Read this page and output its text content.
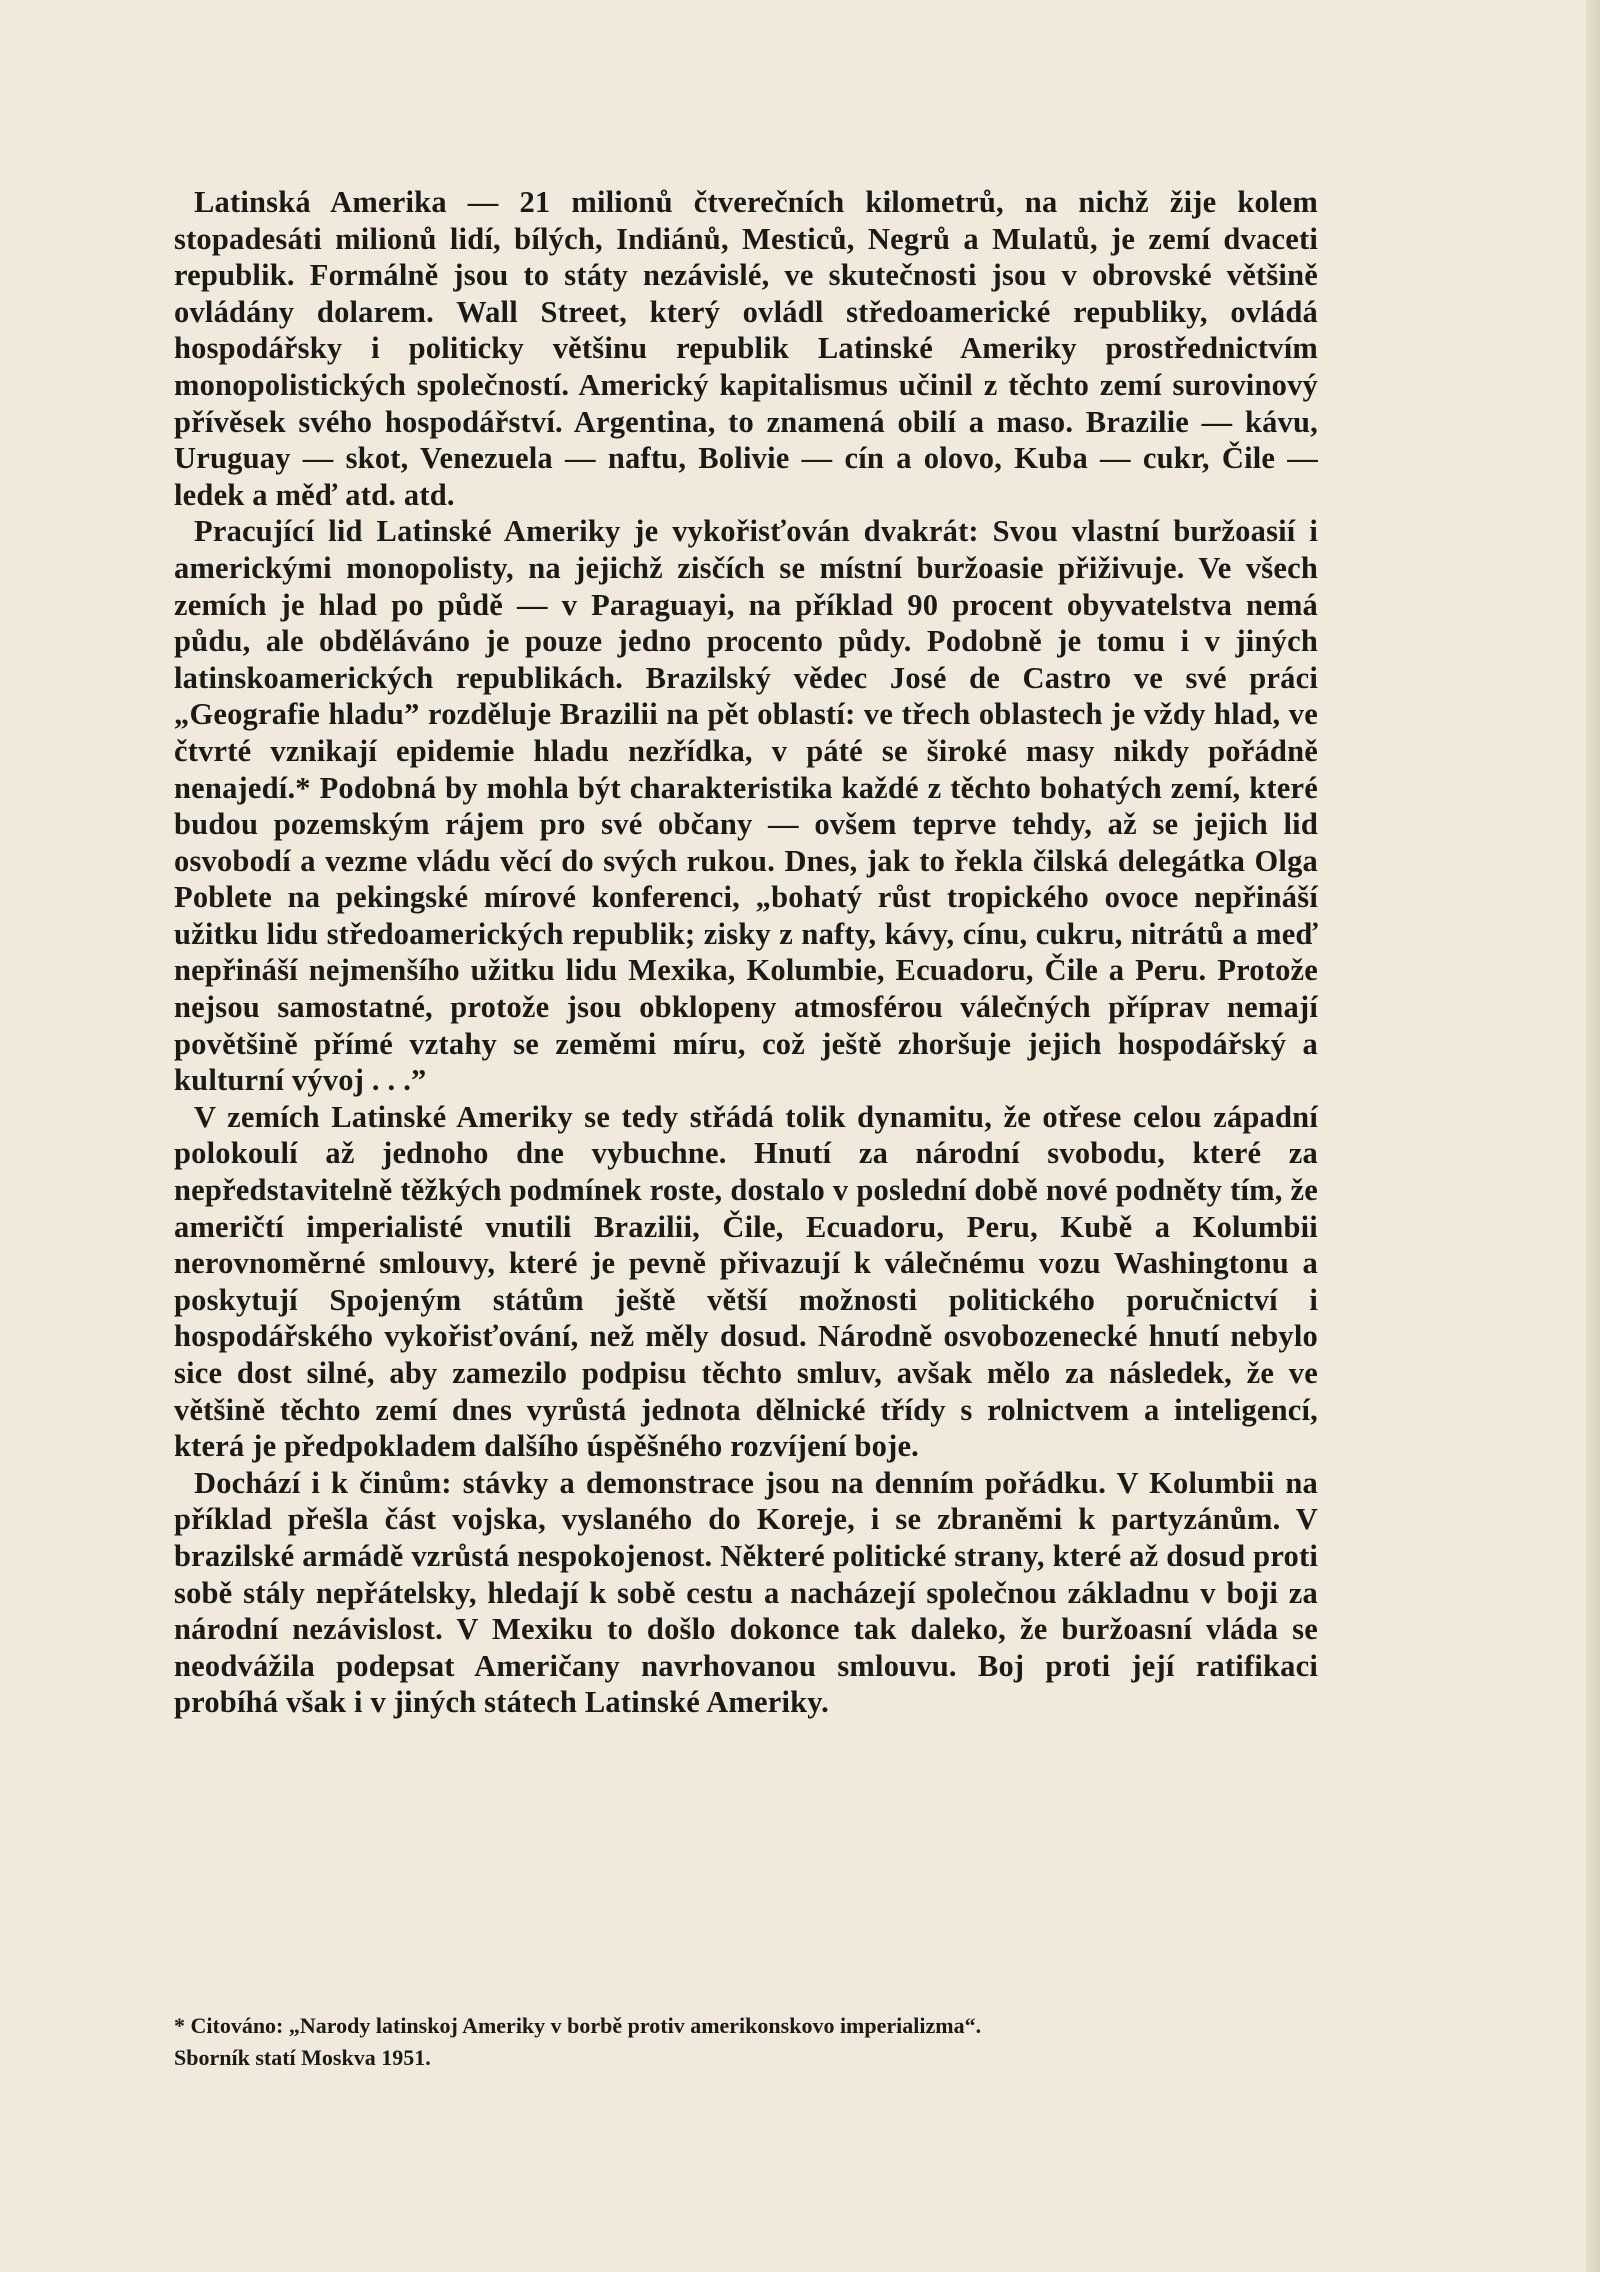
Latinská Amerika — 21 milionů čtverečních kilometrů, na nichž žije kolem stopadesáti milionů lidí, bílých, Indiánů, Mesticů, Negrů a Mulatů, je zemí dvaceti republik. Formálně jsou to státy nezávislé, ve skutečnosti jsou v obrovské většině ovládány dolarem. Wall Street, který ovládl středoamerické republiky, ovládá hospodářsky i politicky většinu republik Latinské Ameriky prostřednictvím monopolistických společností. Americký kapitalismus učinil z těchto zemí surovinový přívěsek svého hospodářství. Argentina, to znamená obilí a maso. Brazilie — kávu, Uruguay — skot, Venezuela — naftu, Bolivie — cín a olovo, Kuba — cukr, Čile — ledek a měď atd. atd.

Pracující lid Latinské Ameriky je vykořisťován dvakrát: Svou vlastní buržoasií i americkými monopolisty, na jejichž zisčích se místní buržoasie přiživuje. Ve všech zemích je hlad po půdě — v Paraguayi, na příklad 90 procent obyvatelstva nemá půdu, ale obděláváno je pouze jedno procento půdy. Podobně je tomu i v jiných latinskoamerických republikách. Brazilský vědec José de Castro ve své práci „Geografie hladu” rozděluje Brazilii na pět oblastí: ve třech oblastech je vždy hlad, ve čtvrté vznikají epidemie hladu nezřídka, v páté se široké masy nikdy pořádně nenajedí.* Podobná by mohla být charakteristika každé z těchto bohatých zemí, které budou pozemským rájem pro své občany — ovšem teprve tehdy, až se jejich lid osvobodí a vezme vládu věcí do svých rukou. Dnes, jak to řekla čilská delegátka Olga Poblete na pekingské mírové konferenci, „bohatý růst tropického ovoce nepřináší užitku lidu středoamerických republik; zisky z nafty, kávy, cínu, cukru, nitrátů a meď nepřináší nejmenšího užitku lidu Mexika, Kolumbie, Ecuadoru, Čile a Peru. Protože nejsou samostatné, protože jsou obklopeny atmosférou válečných příprav nemají povětšině přímé vztahy se zeměmi míru, což ještě zhoršuje jejich hospodářský a kulturní vývoj . . .”

V zemích Latinské Ameriky se tedy střádá tolik dynamitu, že otřese celou západní polokoulí až jednoho dne vybuchne. Hnutí za národní svobodu, které za nepředstavitelně těžkých podmínek roste, dostalo v poslední době nové podněty tím, že američtí imperialisté vnutili Brazilii, Čile, Ecuadoru, Peru, Kubě a Kolumbii nerovnoměrné smlouvy, které je pevně přivazují k válečnému vozu Washingtonu a poskytují Spojeným státům ještě větší možnosti politického poručnictví i hospodářského vykořisťování, než měly dosud. Národně osvobozenecké hnutí nebylo sice dost silné, aby zamezilo podpisu těchto smluv, avšak mělo za následek, že ve většině těchto zemí dnes vyrůstá jednota dělnické třídy s rolnictvem a inteligencí, která je předpokladem dalšího úspěšného rozvíjení boje.

Dochází i k činům: stávky a demonstrace jsou na denním pořádku. V Kolumbii na příklad přešla část vojska, vyslaného do Koreje, i se zbraněmi k partyzánům. V brazilské armádě vzrůstá nespokojenost. Některé politické strany, které až dosud proti sobě stály nepřátelsky, hledají k sobě cestu a nacházejí společnou základnu v boji za národní nezávislost. V Mexiku to došlo dokonce tak daleko, že buržoasní vláda se neodvážila podepsat Američany navrhovanou smlouvu. Boj proti její ratifikaci probíhá však i v jiných státech Latinské Ameriky.

* Citováno: „Narody latinskoj Ameriky v borbě protiv amerikonskovo imperializma“.

Sborník statí Moskva 1951.
